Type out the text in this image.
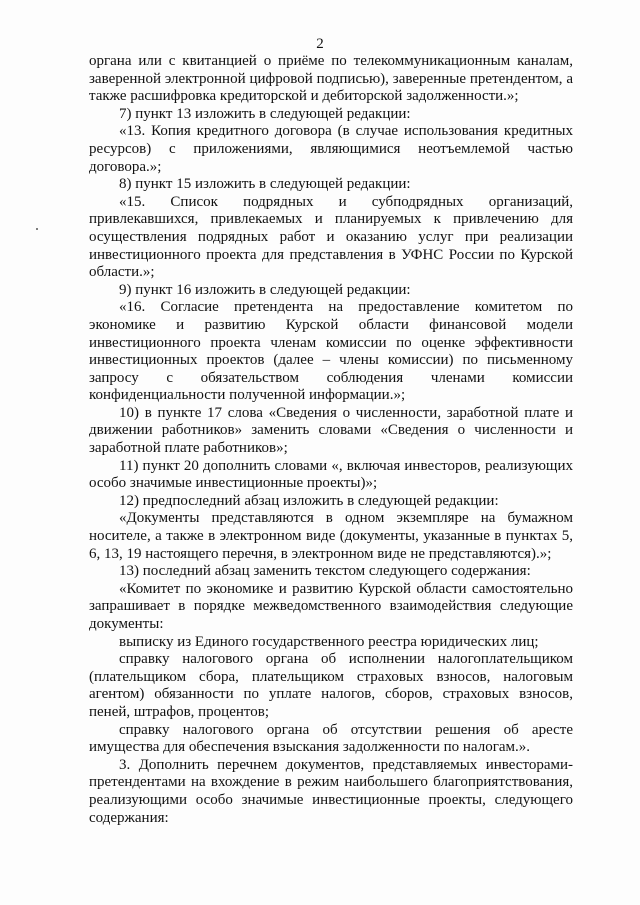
2

органа или с квитанцией о приёме по телекоммуникационным каналам, заверенной электронной цифровой подписью), заверенные претендентом, а также расшифровка кредиторской и дебиторской задолженности.»;

7) пункт 13 изложить в следующей редакции:

«13. Копия кредитного договора (в случае использования кредитных ресурсов) с приложениями, являющимися неотъемлемой частью договора.»;

8) пункт 15 изложить в следующей редакции:

«15. Список подрядных и субподрядных организаций, привлекавшихся, привлекаемых и планируемых к привлечению для осуществления подрядных работ и оказанию услуг при реализации инвестиционного проекта для представления в УФНС России по Курской области.»;

9) пункт 16 изложить в следующей редакции:

«16. Согласие претендента на предоставление комитетом по экономике и развитию Курской области финансовой модели инвестиционного проекта членам комиссии по оценке эффективности инвестиционных проектов (далее – члены комиссии) по письменному запросу с обязательством соблюдения членами комиссии конфиденциальности полученной информации.»;

10) в пункте 17 слова «Сведения о численности, заработной плате и движении работников» заменить словами «Сведения о численности и заработной плате работников»;

11) пункт 20 дополнить словами «, включая инвесторов, реализующих особо значимые инвестиционные проекты)»;

12) предпоследний абзац изложить в следующей редакции:

«Документы представляются в одном экземпляре на бумажном носителе, а также в электронном виде (документы, указанные в пунктах 5, 6, 13, 19 настоящего перечня, в электронном виде не представляются).»;

13) последний абзац заменить текстом следующего содержания:

«Комитет по экономике и развитию Курской области самостоятельно запрашивает в порядке межведомственного взаимодействия следующие документы:

выписку из Единого государственного реестра юридических лиц;

справку налогового органа об исполнении налогоплательщиком (плательщиком сбора, плательщиком страховых взносов, налоговым агентом) обязанности по уплате налогов, сборов, страховых взносов, пеней, штрафов, процентов;

справку налогового органа об отсутствии решения об аресте имущества для обеспечения взыскания задолженности по налогам.».

3. Дополнить перечнем документов, представляемых инвесторами-претендентами на вхождение в режим наибольшего благоприятствования, реализующими особо значимые инвестиционные проекты, следующего содержания:
